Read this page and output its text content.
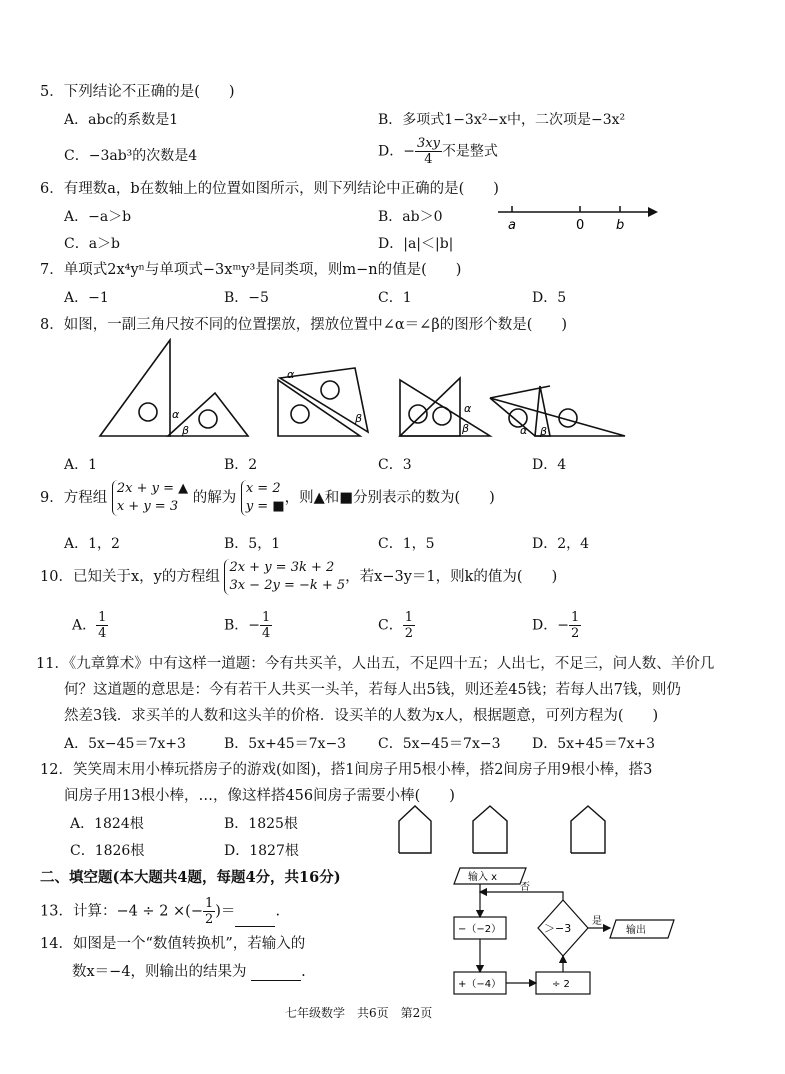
5．下列结论不正确的是(　　)
A．abc的系数是1	B．多项式1−3x²−x中，二次项是−3x²
C．−3ab³的次数是4	D．− $\frac{3xy}{4}$ 不是整式
6．有理数a，b在数轴上的位置如图所示，则下列结论中正确的是(　　)
A．−a＞b	B．ab＞0
C．a＞b	D．|a|＜|b|
a	0 b
7．单项式2x⁴yⁿ与单项式−3xᵐy³是同类项，则m−n的值是(　　)
A．−1	B．−5	C．1	D．5
8．如图，一副三角尺按不同的位置摆放，摆放位置中∠α＝∠β的图形个数是(　　)
α
β
α
β
α
β	α β
A．1	B．2	C．3	D．4
9．方程组 2x + y = ▲
x + y = 3 的解为 x = 2
y = ■，则▲和■分别表示的数为(　　)
A．1，2	B．5，1	C．1，5	D．2，4
10．已知关于x，y的方程组 2x + y = 3k + 2
3x − 2y = −k + 5，若x−3y＝1，则k的值为(　　)
A． $\frac{1}{4}$	B．− $\frac{1}{4}$	C． $\frac{1}{2}$	D．− $\frac{1}{2}$
11．《九章算术》中有这样一道题：今有共买羊，人出五，不足四十五；人出七，不足三，问人数、羊价几
何？这道题的意思是：今有若干人共买一头羊，若每人出5钱，则还差45钱；若每人出7钱，则仍
然差3钱．求买羊的人数和这头羊的价格．设买羊的人数为x人，根据题意，可列方程为(　　)
A．5x−45＝7x+3	B．5x+45＝7x−3 C．5x−45＝7x−3 D．5x+45＝7x+3
12．笑笑周末用小棒玩搭房子的游戏(如图)，搭1间房子用5根小棒，搭2间房子用9根小棒，搭3
间房子用13根小棒，…，像这样搭456间房子需要小棒(　　)
A．1824根	B．1825根
C．1826根	D．1827根
二、填空题(本大题共4题，每题4分，共16分)
13．计算：−4 ÷ 2 ×(− $\frac{1}{2}$ )＝	.
14．如图是一个“数值转换机”，若输入的
数x＝−4，则输出的结果为	.
输入 x
−（−2）	＞−3	输出
+（−4）	÷ 2
否
是
七年级数学　共6页　第2页
